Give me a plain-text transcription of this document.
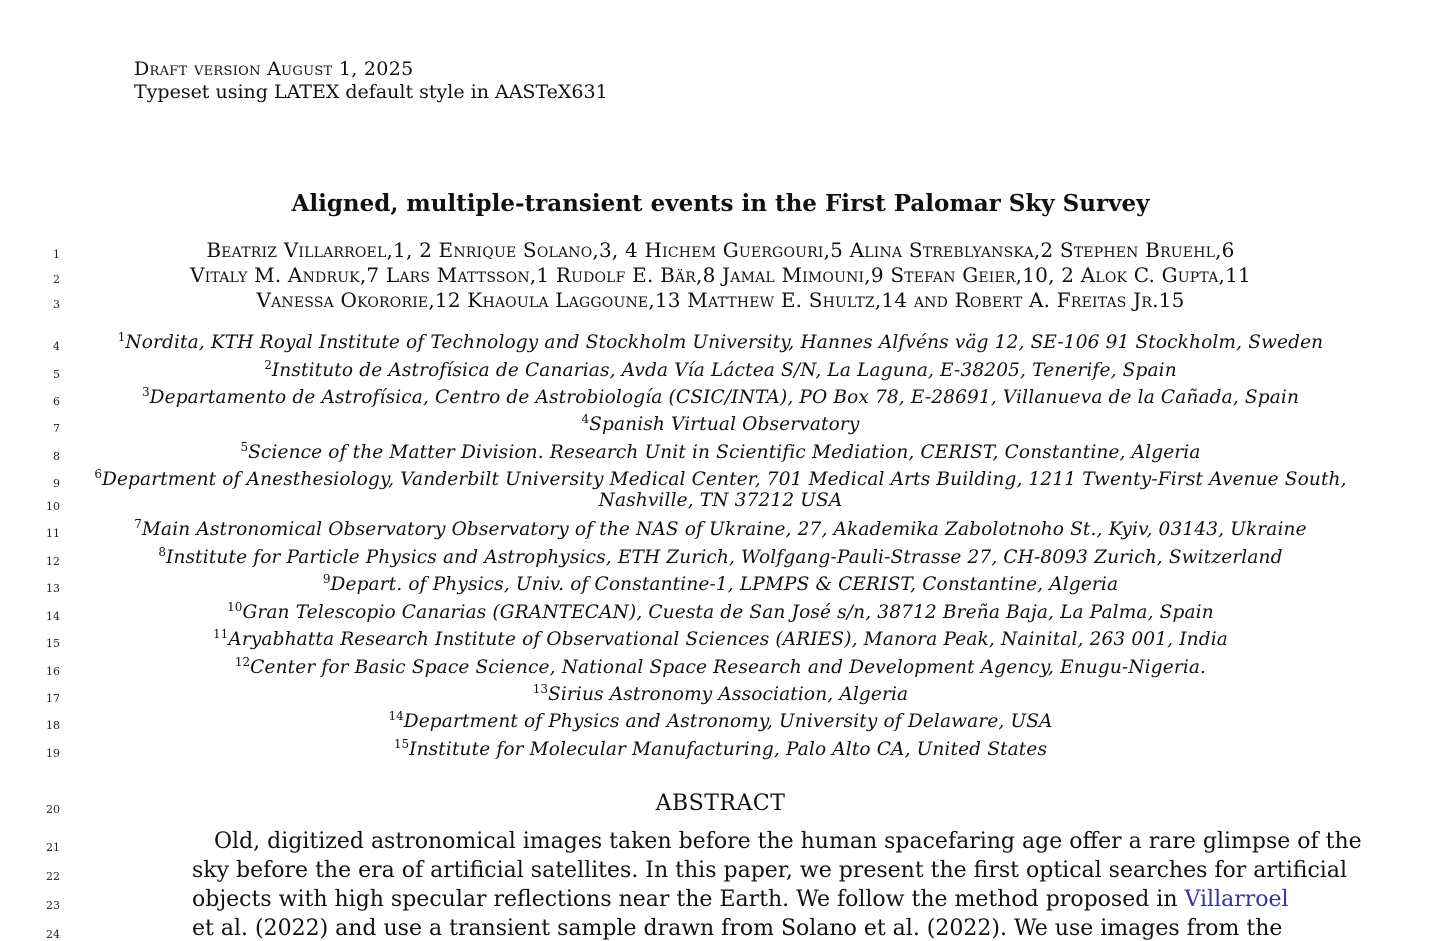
Draft version August 1, 2025
Typeset using LATEX default style in AASTeX631
Aligned, multiple-transient events in the First Palomar Sky Survey
1	Beatriz Villarroel,1, 2 Enrique Solano,3, 4 Hichem Guergouri,5 Alina Streblyanska,2 Stephen Bruehl,6
2	Vitaly M. Andruk,7 Lars Mattsson,1 Rudolf E. Bär,8 Jamal Mimouni,9 Stefan Geier,10, 2 Alok C. Gupta,11
3	Vanessa Okororie,12 Khaoula Laggoune,13 Matthew E. Shultz,14 and Robert A. Freitas Jr.15
4
$^1$Nordita, KTH Royal Institute of Technology and Stockholm University, Hannes Alfvéns väg 12, SE-106 91 Stockholm, Sweden
5
$^2$Instituto de Astrofísica de Canarias, Avda Vía Láctea S/N, La Laguna, E-38205, Tenerife, Spain
6
$^3$Departamento de Astrofísica, Centro de Astrobiología (CSIC/INTA), PO Box 78, E-28691, Villanueva de la Cañada, Spain
7
$^4$Spanish Virtual Observatory
8
$^5$Science of the Matter Division. Research Unit in Scientific Mediation, CERIST, Constantine, Algeria
9
$^6$Department of Anesthesiology, Vanderbilt University Medical Center, 701 Medical Arts Building, 1211 Twenty-First Avenue South,
10	Nashville, TN 37212 USA
11
$^7$Main Astronomical Observatory Observatory of the NAS of Ukraine, 27, Akademika Zabolotnoho St., Kyiv, 03143, Ukraine
12
$^8$Institute for Particle Physics and Astrophysics, ETH Zurich, Wolfgang-Pauli-Strasse 27, CH-8093 Zurich, Switzerland
13
$^9$Depart. of Physics, Univ. of Constantine-1, LPMPS & CERIST, Constantine, Algeria
14
$^{10}$Gran Telescopio Canarias (GRANTECAN), Cuesta de San José s/n, 38712 Breña Baja, La Palma, Spain
15
$^{11}$Aryabhatta Research Institute of Observational Sciences (ARIES), Manora Peak, Nainital, 263 001, India
16
$^{12}$Center for Basic Space Science, National Space Research and Development Agency, Enugu-Nigeria.
17
$^{13}$Sirius Astronomy Association, Algeria
18
$^{14}$Department of Physics and Astronomy, University of Delaware, USA
19
$^{15}$Institute for Molecular Manufacturing, Palo Alto CA, United States
20	ABSTRACT
21	Old, digitized astronomical images taken before the human spacefaring age offer a rare glimpse of the
22	sky before the era of artificial satellites. In this paper, we present the first optical searches for artificial
23	objects with high specular reflections near the Earth. We follow the method proposed in Villarroel
24	et al. (2022) and use a transient sample drawn from Solano et al. (2022). We use images from the
